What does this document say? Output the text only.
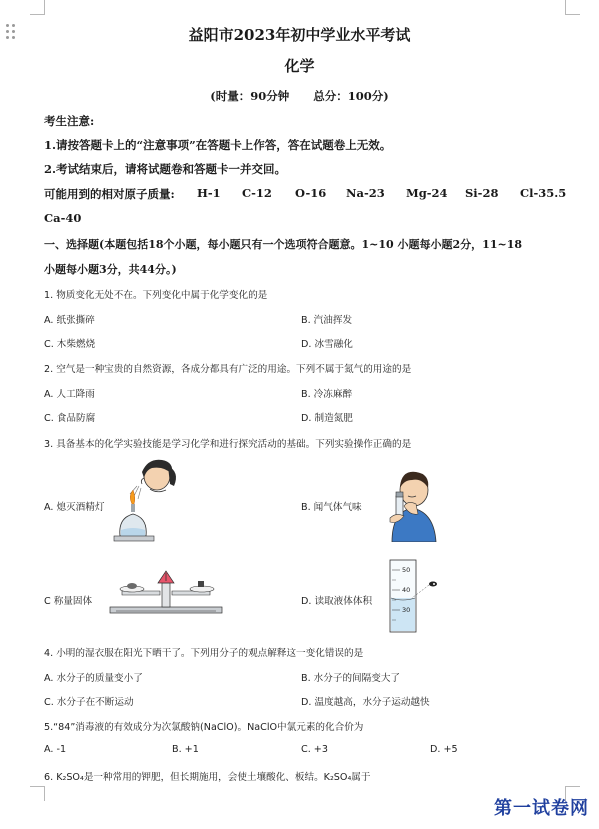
益阳市2023年初中学业水平考试
化学
(时量：90分钟      总分：100分)
考生注意:
1.请按答题卡上的“注意事项”在答题卡上作答，答在试题卷上无效。
2.考试结束后，请将试题卷和答题卡一并交回。
可能用到的相对原子质量: H-1 C-12 O-16 Na-23 Mg-24 Si-28 Cl-35.5
Ca-40
一、选择题(本题包括18个小题，每小题只有一个选项符合题意。1~10 小题每小题2分，11~18
小题每小题3分，共44分。)
1. 物质变化无处不在。下列变化中属于化学变化的是
A. 纸张撕碎	B. 汽油挥发
C. 木柴燃烧	D. 冰雪融化
2. 空气是一种宝贵的自然资源，各成分都具有广泛的用途。下列不属于氮气的用途的是
A. 人工降雨	B. 冷冻麻醉
C. 食品防腐	D. 制造氮肥
3. 具备基本的化学实验技能是学习化学和进行探究活动的基础。下列实验操作正确的是
A. 熄灭酒精灯	B. 闻气体气味
C 称量固体	D. 读取液体体积
50
40
30
4. 小明的湿衣服在阳光下晒干了。下列用分子的观点解释这一变化错误的是
A. 水分子的质量变小了	B. 水分子的间隔变大了
C. 水分子在不断运动	D. 温度越高，水分子运动越快
5.“84”消毒液的有效成分为次氯酸钠(NaClO)。NaClO中氯元素的化合价为
A. -1	B. +1	C. +3	D. +5
6. K₂SO₄是一种常用的钾肥，但长期施用，会使土壤酸化、板结。K₂SO₄属于
第一试卷网
